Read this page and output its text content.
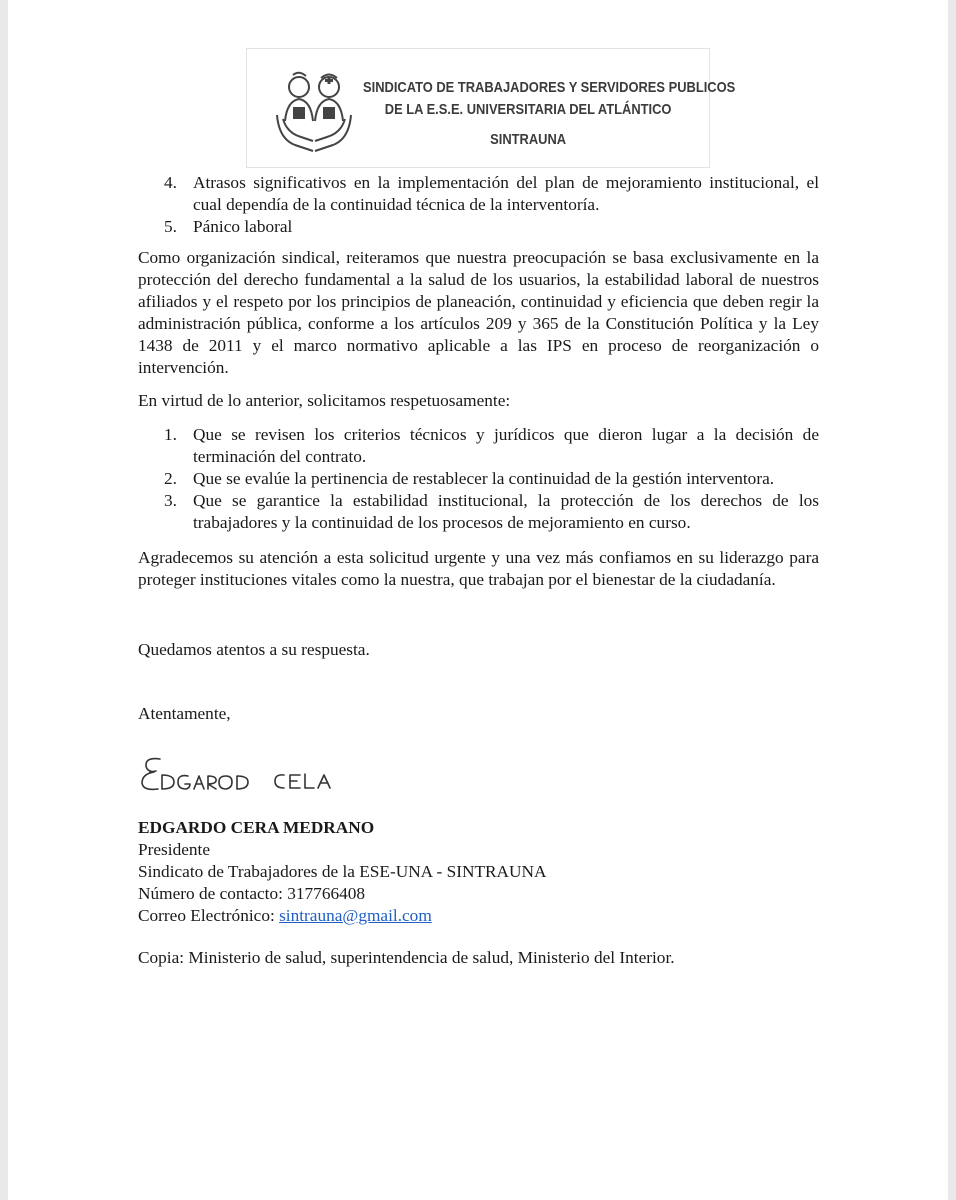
SINDICATO DE TRABAJADORES Y SERVIDORES PUBLICOS
DE LA E.S.E. UNIVERSITARIA DEL ATLÁNTICO
SINTRAUNA
4. Atrasos significativos en la implementación del plan de mejoramiento institucional, el cual dependía de la continuidad técnica de la interventoría.
5. Pánico laboral

Como organización sindical, reiteramos que nuestra preocupación se basa exclusivamente en la protección del derecho fundamental a la salud de los usuarios, la estabilidad laboral de nuestros afiliados y el respeto por los principios de planeación, continuidad y eficiencia que deben regir la administración pública, conforme a los artículos 209 y 365 de la Constitución Política y la Ley 1438 de 2011 y el marco normativo aplicable a las IPS en proceso de reorganización o intervención.

En virtud de lo anterior, solicitamos respetuosamente:

1. Que se revisen los criterios técnicos y jurídicos que dieron lugar a la decisión de terminación del contrato.
2. Que se evalúe la pertinencia de restablecer la continuidad de la gestión interventora.
3. Que se garantice la estabilidad institucional, la protección de los derechos de los trabajadores y la continuidad de los procesos de mejoramiento en curso.

Agradecemos su atención a esta solicitud urgente y una vez más confiamos en su liderazgo para proteger instituciones vitales como la nuestra, que trabajan por el bienestar de la ciudadanía.

Quedamos atentos a su respuesta.

Atentamente,

EDGARDO CERA MEDRANO
Presidente
Sindicato de Trabajadores de la ESE-UNA - SINTRAUNA
Número de contacto: 317766408
Correo Electrónico: sintrauna@gmail.com

Copia: Ministerio de salud, superintendencia de salud, Ministerio del Interior.
